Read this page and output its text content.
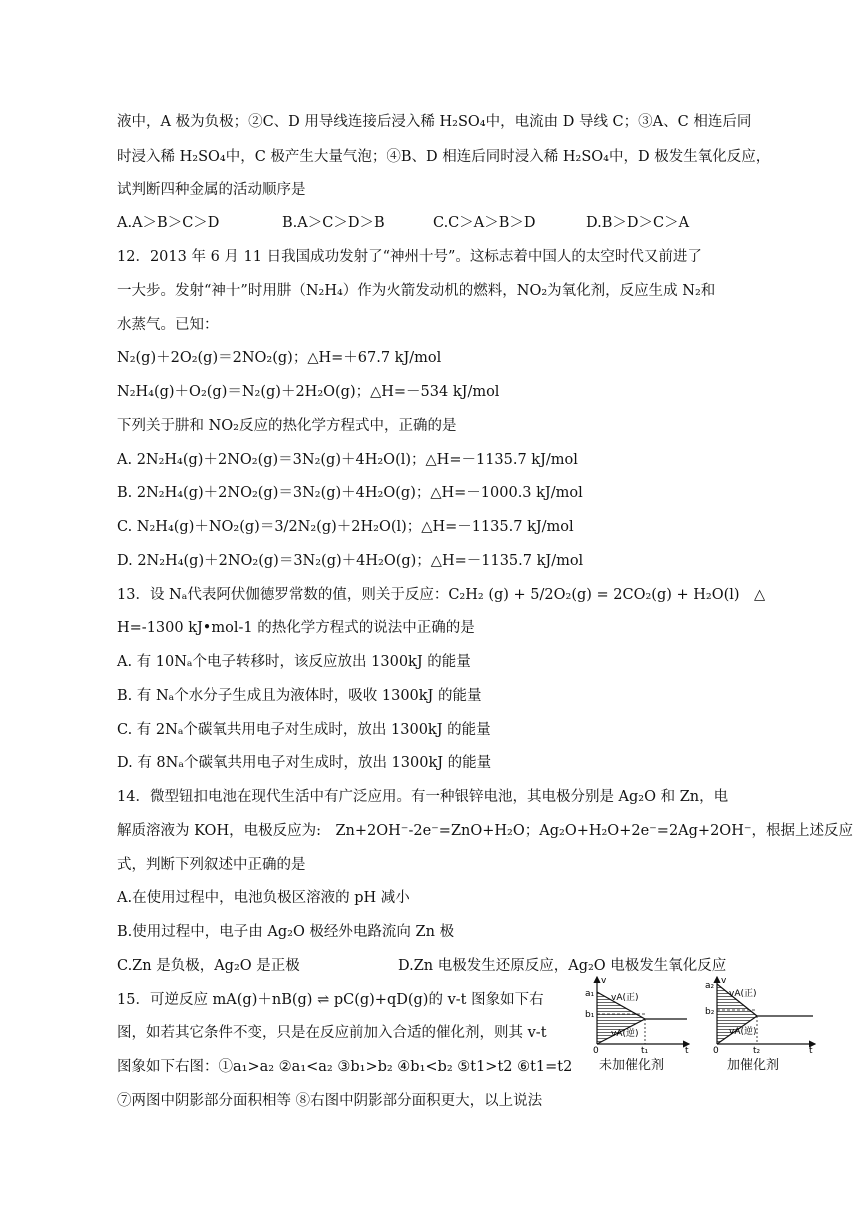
液中，A 极为负极；②C、D 用导线连接后浸入稀 H₂SO₄中，电流由 D 导线 C；③A、C 相连后同
时浸入稀 H₂SO₄中，C 极产生大量气泡；④B、D 相连后同时浸入稀 H₂SO₄中，D 极发生氧化反应，
试判断四种金属的活动顺序是
A.A＞B＞C＞D	B.A＞C＞D＞B	C.C＞A＞B＞D	D.B＞D＞C＞A
12．2013 年 6 月 11 日我国成功发射了“神州十号”。这标志着中国人的太空时代又前进了
一大步。发射“神十”时用肼（N₂H₄）作为火箭发动机的燃料，NO₂为氧化剂，反应生成 N₂和
水蒸气。已知：
N₂(g)＋2O₂(g)＝2NO₂(g)；△H=＋67.7 kJ/mol
N₂H₄(g)＋O₂(g)＝N₂(g)＋2H₂O(g)；△H=－534 kJ/mol
下列关于肼和 NO₂反应的热化学方程式中，正确的是
A. 2N₂H₄(g)＋2NO₂(g)＝3N₂(g)＋4H₂O(l)；△H=－1135.7 kJ/mol
B. 2N₂H₄(g)＋2NO₂(g)＝3N₂(g)＋4H₂O(g)；△H=－1000.3 kJ/mol
C. N₂H₄(g)＋NO₂(g)＝3/2N₂(g)＋2H₂O(l)；△H=－1135.7 kJ/mol
D. 2N₂H₄(g)＋2NO₂(g)＝3N₂(g)＋4H₂O(g)；△H=－1135.7 kJ/mol
13．设 Nₐ代表阿伏伽德罗常数的值，则关于反应：C₂H₂ (g) + 5/2O₂(g) = 2CO₂(g) + H₂O(l)　△
H=-1300 kJ•mol-1 的热化学方程式的说法中正确的是
A. 有 10Nₐ个电子转移时，该反应放出 1300kJ 的能量
B. 有 Nₐ个水分子生成且为液体时，吸收 1300kJ 的能量
C. 有 2Nₐ个碳氧共用电子对生成时，放出 1300kJ 的能量
D. 有 8Nₐ个碳氧共用电子对生成时，放出 1300kJ 的能量
14．微型钮扣电池在现代生活中有广泛应用。有一种银锌电池，其电极分别是 Ag₂O 和 Zn，电
解质溶液为 KOH，电极反应为:　Zn+2OH⁻-2e⁻=ZnO+H₂O；Ag₂O+H₂O+2e⁻=2Ag+2OH⁻，根据上述反应
式，判断下列叙述中正确的是
A.在使用过程中，电池负极区溶液的 pH 减小
B.使用过程中，电子由 Ag₂O 极经外电路流向 Zn 极
C.Zn 是负极，Ag₂O 是正极	D.Zn 电极发生还原反应，Ag₂O 电极发生氧化反应
15．可逆反应 mA(g)＋nB(g) ⇌ pC(g)+qD(g)的 v-t 图象如下右
图，如若其它条件不变，只是在反应前加入合适的催化剂，则其 v-t
图象如下右图：①a₁>a₂ ②a₁<a₂ ③b₁>b₂ ④b₁<b₂ ⑤t1>t2 ⑥t1=t2
⑦两图中阴影部分面积相等 ⑧右图中阴影部分面积更大，以上说法
v
a₁
b₁
vA(正)
vA(逆)
0	t₁	t
v
a₂
b₂
vA(正)
vA(逆)
0	t₂	t
未加催化剂	加催化剂
